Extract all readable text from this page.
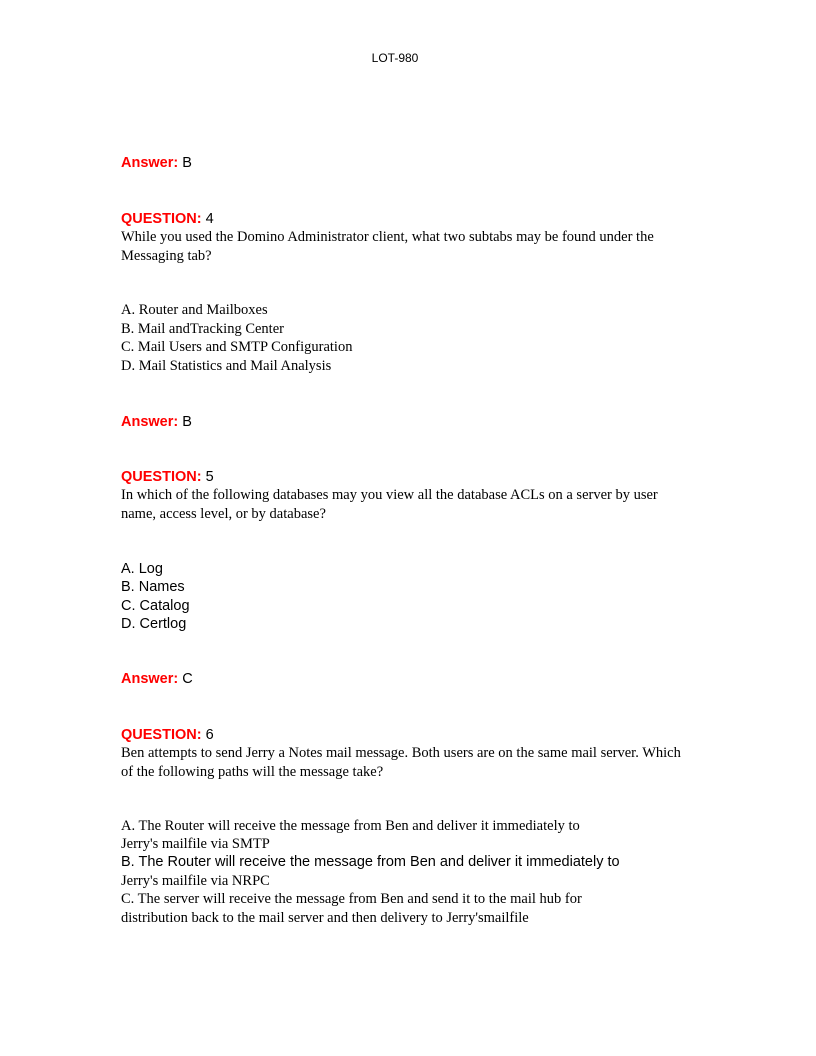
LOT-980
Answer: B
QUESTION: 4
While you used the Domino Administrator client, what two subtabs may be found under the Messaging tab?
A. Router and Mailboxes
B. Mail andTracking Center
C. Mail Users and SMTP Configuration
D. Mail Statistics and Mail Analysis
Answer: B
QUESTION: 5
In which of the following databases may you view all the database ACLs on a server by user name, access level, or by database?
A. Log
B. Names
C. Catalog
D. Certlog
Answer: C
QUESTION: 6
Ben attempts to send Jerry a Notes mail message. Both users are on the same mail server. Which of the following paths will the message take?
A. The Router will receive the message from Ben and deliver it immediately to
Jerry's mailfile via SMTP
B. The Router will receive the message from Ben and deliver it immediately to
Jerry's mailfile via NRPC
C. The server will receive the message from Ben and send it to the mail hub for
distribution back to the mail server and then delivery to Jerry'smailfile
